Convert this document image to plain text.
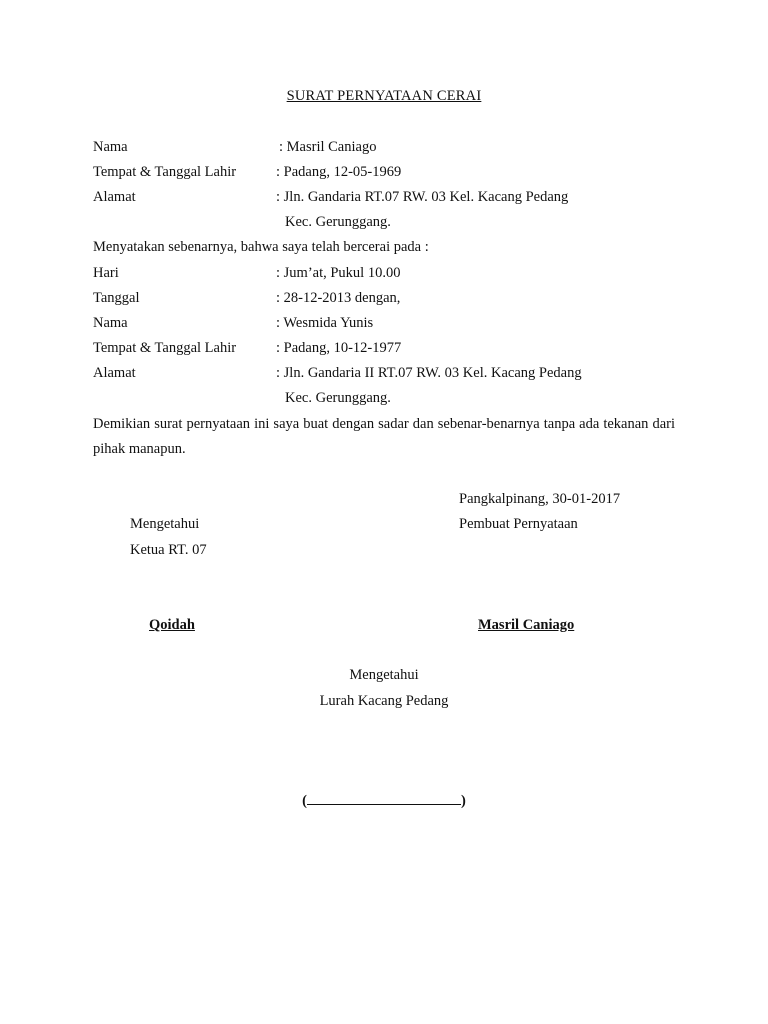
SURAT PERNYATAAN CERAI
Nama	: Masril Caniago
Tempat & Tanggal Lahir	: Padang, 12-05-1969
Alamat	: Jln. Gandaria RT.07 RW. 03 Kel. Kacang Pedang
Kec. Gerunggang.
Menyatakan sebenarnya, bahwa saya telah bercerai pada :
Hari	: Jum’at, Pukul 10.00
Tanggal	: 28-12-2013 dengan,
Nama	: Wesmida Yunis
Tempat & Tanggal Lahir	: Padang, 10-12-1977
Alamat	: Jln. Gandaria II RT.07 RW. 03 Kel. Kacang Pedang
Kec. Gerunggang.
Demikian surat pernyataan ini saya buat dengan sadar dan sebenar-benarnya tanpa ada tekanan dari pihak manapun.
Pangkalpinang, 30-01-2017
Mengetahui	Pembuat Pernyataan
Ketua RT. 07
Qoidah	Masril Caniago
Mengetahui
Lurah Kacang Pedang
(	)
